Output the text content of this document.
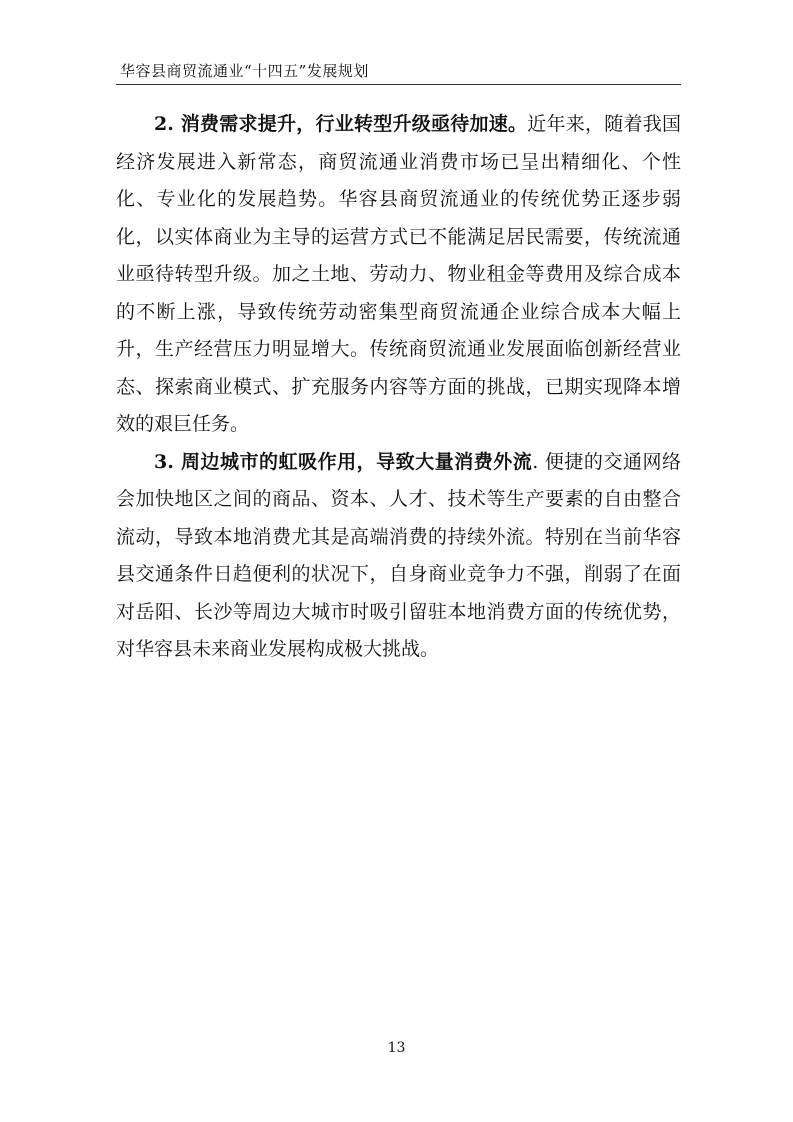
华容县商贸流通业“十四五”发展规划

2. 消费需求提升，行业转型升级亟待加速。近年来，随着我国经济发展进入新常态，商贸流通业消费市场已呈出精细化、个性化、专业化的发展趋势。华容县商贸流通业的传统优势正逐步弱化，以实体商业为主导的运营方式已不能满足居民需要，传统流通业亟待转型升级。加之土地、劳动力、物业租金等费用及综合成本的不断上涨，导致传统劳动密集型商贸流通企业综合成本大幅上升，生产经营压力明显增大。传统商贸流通业发展面临创新经营业态、探索商业模式、扩充服务内容等方面的挑战，已期实现降本增效的艰巨任务。

3. 周边城市的虹吸作用，导致大量消费外流. 便捷的交通网络会加快地区之间的商品、资本、人才、技术等生产要素的自由整合流动，导致本地消费尤其是高端消费的持续外流。特别在当前华容县交通条件日趋便利的状况下，自身商业竞争力不强，削弱了在面对岳阳、长沙等周边大城市时吸引留驻本地消费方面的传统优势，对华容县未来商业发展构成极大挑战。

13
